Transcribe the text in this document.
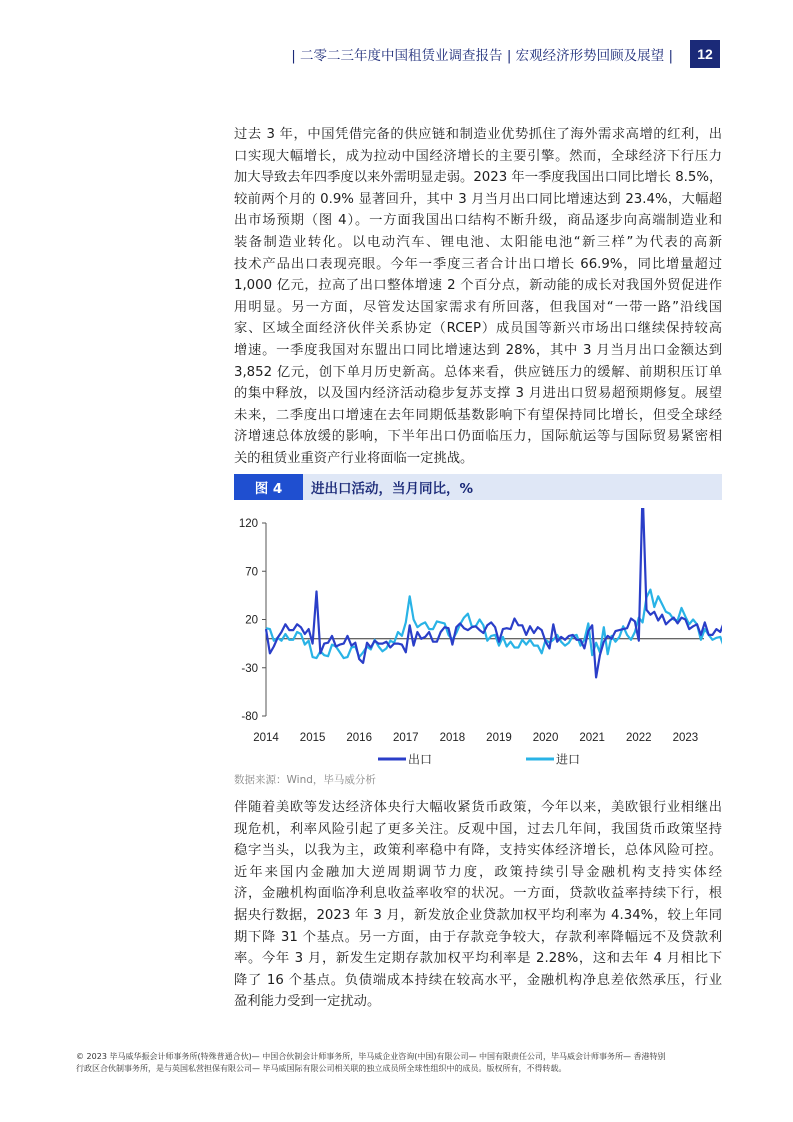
| 二零二三年度中国租赁业调查报告 | 宏观经济形势回顾及展望 |	12
过去 3 年，中国凭借完备的供应链和制造业优势抓住了海外需求高增的红利，出
口实现大幅增长，成为拉动中国经济增长的主要引擎。然而，全球经济下行压力
加大导致去年四季度以来外需明显走弱。2023 年一季度我国出口同比增长 8.5%，
较前两个月的 0.9% 显著回升，其中 3 月当月出口同比增速达到 23.4%，大幅超
出市场预期（图 4）。一方面我国出口结构不断升级，商品逐步向高端制造业和
装备制造业转化。以电动汽车、锂电池、太阳能电池“新三样”为代表的高新
技术产品出口表现亮眼。今年一季度三者合计出口增长 66.9%，同比增量超过
1,000 亿元，拉高了出口整体增速 2 个百分点，新动能的成长对我国外贸促进作
用明显。另一方面，尽管发达国家需求有所回落，但我国对“一带一路”沿线国
家、区域全面经济伙伴关系协定（RCEP）成员国等新兴市场出口继续保持较高
增速。一季度我国对东盟出口同比增速达到 28%，其中 3 月当月出口金额达到
3,852 亿元，创下单月历史新高。总体来看，供应链压力的缓解、前期积压订单
的集中释放，以及国内经济活动稳步复苏支撑 3 月进出口贸易超预期修复。展望
未来，二季度出口增速在去年同期低基数影响下有望保持同比增长，但受全球经
济增速总体放缓的影响，下半年出口仍面临压力，国际航运等与国际贸易紧密相
关的租赁业重资产行业将面临一定挑战。
图 4	进出口活动，当月同比，%
120
70
20
-30
-80
2014 2015 2016 2017 2018 2019 2020 2021 2022 2023
出口	进口
数据来源：Wind，毕马威分析
伴随着美欧等发达经济体央行大幅收紧货币政策，今年以来，美欧银行业相继出
现危机，利率风险引起了更多关注。反观中国，过去几年间，我国货币政策坚持
稳字当头，以我为主，政策利率稳中有降，支持实体经济增长，总体风险可控。
近年来国内金融加大逆周期调节力度，政策持续引导金融机构支持实体经
济，金融机构面临净利息收益率收窄的状况。一方面，贷款收益率持续下行，根
据央行数据，2023 年 3 月，新发放企业贷款加权平均利率为 4.34%，较上年同
期下降 31 个基点。另一方面，由于存款竞争较大，存款利率降幅远不及贷款利
率。今年 3 月，新发生定期存款加权平均利率是 2.28%，这和去年 4 月相比下
降了 16 个基点。负债端成本持续在较高水平，金融机构净息差依然承压，行业
盈利能力受到一定扰动。
© 2023 毕马威华振会计师事务所(特殊普通合伙)— 中国合伙制会计师事务所，毕马威企业咨询(中国)有限公司— 中国有限责任公司，毕马威会计师事务所— 香港特别
行政区合伙制事务所，是与英国私营担保有限公司— 毕马威国际有限公司相关联的独立成员所全球性组织中的成员。版权所有，不得转载。
